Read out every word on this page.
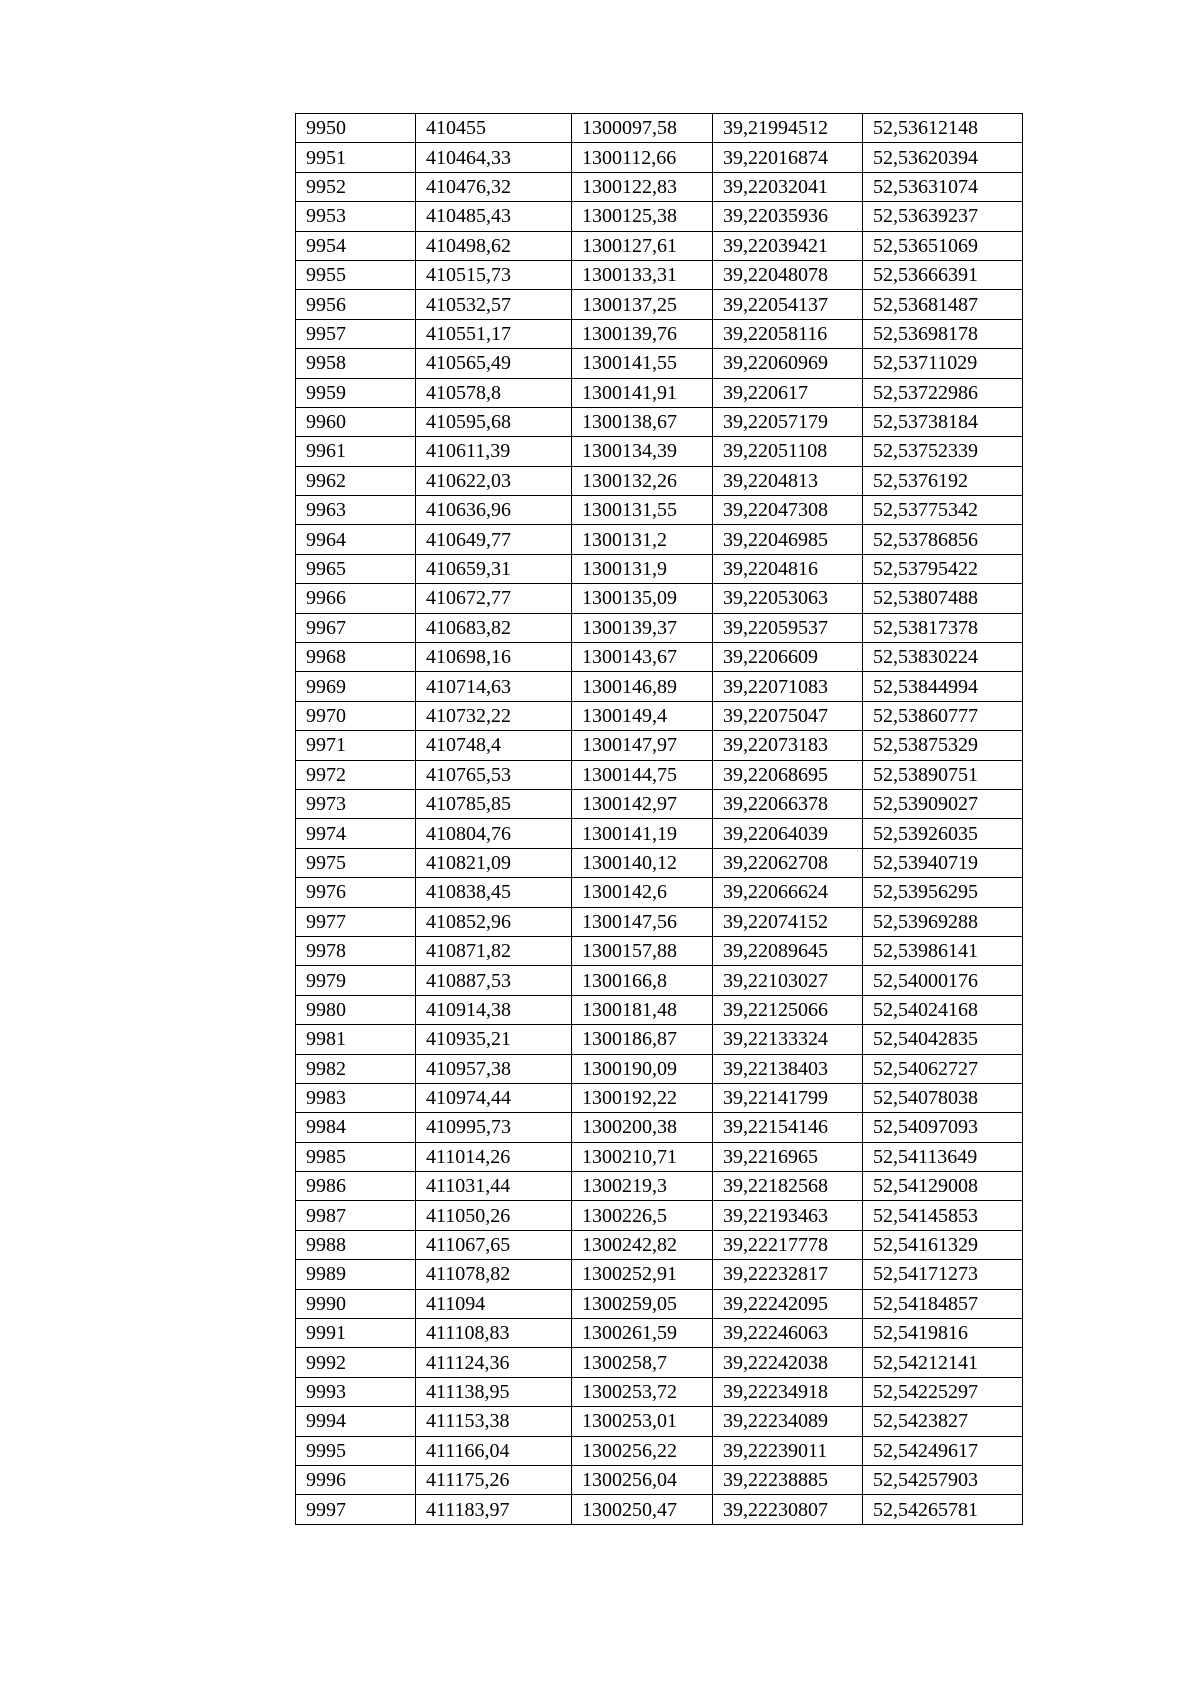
9950	410455	1300097,58	39,21994512	52,53612148
9951	410464,33	1300112,66	39,22016874	52,53620394
9952	410476,32	1300122,83	39,22032041	52,53631074
9953	410485,43	1300125,38	39,22035936	52,53639237
9954	410498,62	1300127,61	39,22039421	52,53651069
9955	410515,73	1300133,31	39,22048078	52,53666391
9956	410532,57	1300137,25	39,22054137	52,53681487
9957	410551,17	1300139,76	39,22058116	52,53698178
9958	410565,49	1300141,55	39,22060969	52,53711029
9959	410578,8	1300141,91	39,220617	52,53722986
9960	410595,68	1300138,67	39,22057179	52,53738184
9961	410611,39	1300134,39	39,22051108	52,53752339
9962	410622,03	1300132,26	39,2204813	52,5376192
9963	410636,96	1300131,55	39,22047308	52,53775342
9964	410649,77	1300131,2	39,22046985	52,53786856
9965	410659,31	1300131,9	39,2204816	52,53795422
9966	410672,77	1300135,09	39,22053063	52,53807488
9967	410683,82	1300139,37	39,22059537	52,53817378
9968	410698,16	1300143,67	39,2206609	52,53830224
9969	410714,63	1300146,89	39,22071083	52,53844994
9970	410732,22	1300149,4	39,22075047	52,53860777
9971	410748,4	1300147,97	39,22073183	52,53875329
9972	410765,53	1300144,75	39,22068695	52,53890751
9973	410785,85	1300142,97	39,22066378	52,53909027
9974	410804,76	1300141,19	39,22064039	52,53926035
9975	410821,09	1300140,12	39,22062708	52,53940719
9976	410838,45	1300142,6	39,22066624	52,53956295
9977	410852,96	1300147,56	39,22074152	52,53969288
9978	410871,82	1300157,88	39,22089645	52,53986141
9979	410887,53	1300166,8	39,22103027	52,54000176
9980	410914,38	1300181,48	39,22125066	52,54024168
9981	410935,21	1300186,87	39,22133324	52,54042835
9982	410957,38	1300190,09	39,22138403	52,54062727
9983	410974,44	1300192,22	39,22141799	52,54078038
9984	410995,73	1300200,38	39,22154146	52,54097093
9985	411014,26	1300210,71	39,2216965	52,54113649
9986	411031,44	1300219,3	39,22182568	52,54129008
9987	411050,26	1300226,5	39,22193463	52,54145853
9988	411067,65	1300242,82	39,22217778	52,54161329
9989	411078,82	1300252,91	39,22232817	52,54171273
9990	411094	1300259,05	39,22242095	52,54184857
9991	411108,83	1300261,59	39,22246063	52,5419816
9992	411124,36	1300258,7	39,22242038	52,54212141
9993	411138,95	1300253,72	39,22234918	52,54225297
9994	411153,38	1300253,01	39,22234089	52,5423827
9995	411166,04	1300256,22	39,22239011	52,54249617
9996	411175,26	1300256,04	39,22238885	52,54257903
9997	411183,97	1300250,47	39,22230807	52,54265781
